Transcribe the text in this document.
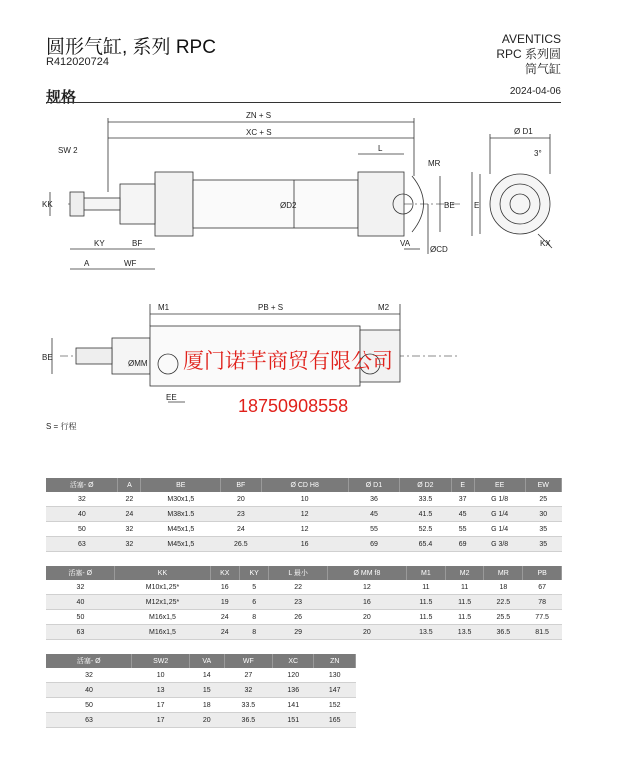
圆形气缸, 系列 RPC
R412020724
AVENTICS
RPC 系列圆
筒气缸
规格	2024-04-06
ZN + S
XC + S
SW 2	L
MR
KK	ØD2	BE E
KY	BF	VA
ØCD
A	WF
Ø D1
3°
KX
M1	PB + S	M2
ØMM
EE
BE	厦门诺芊商贸有限公司
18750908558
S = 行程
活塞- Ø	A	BE	BF	Ø CD H8	Ø D1	Ø D2	E	EE	EW
32	22	M30x1,5	20	10	36	33.5	37	G 1/8	25
40	24	M38x1.5	23	12	45	41.5	45	G 1/4	30
50	32	M45x1,5	24	12	55	52.5	55	G 1/4	35
63	32	M45x1,5	26.5	16	69	65.4	69	G 3/8	35
活塞- Ø	KK	KX	KY	L 最小	Ø MM f8	M1	M2	MR	PB
32	M10x1,25*	16	5	22	12	11	11	18	67
40	M12x1,25*	19	6	23	16	11.5	11.5	22.5	78
50	M16x1,5	24	8	26	20	11.5	11.5	25.5	77.5
63	M16x1,5	24	8	29	20	13.5	13.5	36.5	81.5
活塞- Ø	SW2	VA	WF	XC	ZN
32	10	14	27	120	130
40	13	15	32	136	147
50	17	18	33.5	141	152
63	17	20	36.5	151	165
